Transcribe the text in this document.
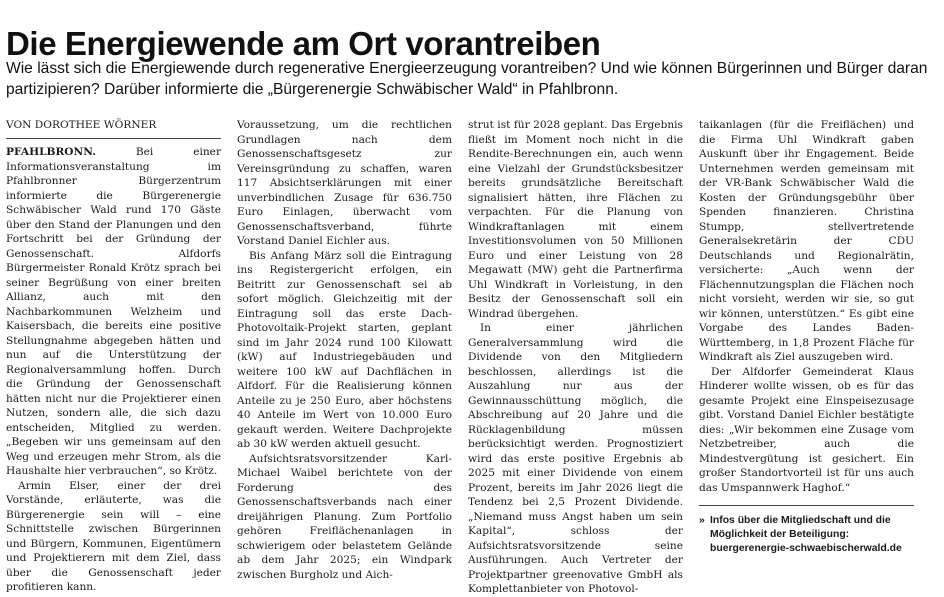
Die Energiewende am Ort vorantreiben
Wie lässt sich die Energiewende durch regenerative Energieerzeugung vorantreiben? Und wie können Bürgerinnen und Bürger daran partizipieren? Darüber informierte die „Bürgerenergie Schwäbischer Wald“ in Pfahlbronn.
VON DOROTHEE WÖRNER

PFAHLBRONN.	Bei einer Informationsveranstaltung im Pfahlbronner Bürgerzentrum informierte die Bürgerenergie Schwäbischer Wald rund 170 Gäste über den Stand der Planungen und den Fortschritt bei der Gründung der Genossenschaft. Alfdorfs Bürgermeister Ronald Krötz sprach bei seiner Begrüßung von einer breiten Allianz, auch mit den Nachbarkommunen Welzheim und Kaisersbach, die bereits eine positive Stellungnahme abgegeben hätten und nun auf die Unterstützung der Regionalversammlung hoffen. Durch die Gründung der Genossenschaft hätten nicht nur die Projektierer einen Nutzen, sondern alle, die sich dazu entscheiden, Mitglied zu werden. „Begeben wir uns gemeinsam auf den Weg und erzeugen mehr Strom, als die Haushalte hier verbrauchen“, so Krötz.

Armin Elser, einer der drei Vorstände, erläuterte, was die Bürgerenergie sein will – eine Schnittstelle zwischen Bürgerinnen und Bürgern, Kommunen, Eigentümern und Projektierern mit dem Ziel, dass über die Genossenschaft jeder profitieren kann.

Voraussetzung, um die rechtlichen Grundlagen nach dem Genossenschaftsgesetz zur Vereinsgründung zu schaffen, waren 117 Absichtserklärungen mit einer unverbindlichen Zusage für 636.750 Euro Einlagen, überwacht vom Genossenschaftsverband, führte Vorstand Daniel Eichler aus.

Bis Anfang März soll die Eintragung ins Registergericht erfolgen, ein Beitritt zur Genossenschaft sei ab sofort möglich. Gleichzeitig mit der Eintragung soll das erste Dach-Photovoltaik-Projekt starten, geplant sind im Jahr 2024 rund 100 Kilowatt (kW) auf Industriegebäuden und weitere 100 kW auf Dachflächen in Alfdorf. Für die Realisierung können Anteile zu je 250 Euro, aber höchstens 40 Anteile im Wert von 10.000 Euro gekauft werden. Weitere Dachprojekte ab 30 kW werden aktuell gesucht.

Aufsichtsratsvorsitzender Karl-Michael Waibel berichtete von der Forderung des Genossenschaftsverbands nach einer dreijährigen Planung. Zum Portfolio gehören Freiflächenanlagen in schwierigem oder belastetem Gelände ab dem Jahr 2025; ein Windpark zwischen Burgholz und Aich-

strut ist für 2028 geplant. Das Ergebnis fließt im Moment noch nicht in die Rendite-Berechnungen ein, auch wenn eine Vielzahl der Grundstücksbesitzer bereits grundsätzliche Bereitschaft signalisiert hätten, ihre Flächen zu verpachten. Für die Planung von Windkraftanlagen mit einem Investitionsvolumen von 50 Millionen Euro und einer Leistung von 28 Megawatt (MW) geht die Partnerfirma Uhl Windkraft in Vorleistung, in den Besitz der Genossenschaft soll ein Windrad übergehen.

In einer jährlichen Generalversammlung wird die Dividende von den Mitgliedern beschlossen, allerdings ist die Auszahlung nur aus der Gewinnausschüttung möglich, die Abschreibung auf 20 Jahre und die Rücklagenbildung müssen berücksichtigt werden. Prognostiziert wird das erste positive Ergebnis ab 2025 mit einer Dividende von einem Prozent, bereits im Jahr 2026 liegt die Tendenz bei 2,5 Prozent Dividende. „Niemand muss Angst haben um sein Kapital“, schloss der Aufsichtsratsvorsitzende seine Ausführungen. Auch Vertreter der Projektpartner greenovative GmbH als Komplettanbieter von Photovol-

taikanlagen (für die Freiflächen) und die Firma Uhl Windkraft gaben Auskunft über ihr Engagement. Beide Unternehmen werden gemeinsam mit der VR-Bank Schwäbischer Wald die Kosten der Gründungsgebühr über Spenden finanzieren. Christina Stumpp, stellvertretende Generalsekretärin der CDU Deutschlands und Regionalrätin, versicherte: „Auch wenn der Flächennutzungsplan die Flächen noch nicht vorsieht, werden wir sie, so gut wir können, unterstützen.“ Es gibt eine Vorgabe des Landes Baden-Württemberg, in 1,8 Prozent Fläche für Windkraft als Ziel auszugeben wird.

Der Alfdorfer Gemeinderat Klaus Hinderer wollte wissen, ob es für das gesamte Projekt eine Einspeisezusage gibt. Vorstand Daniel Eichler bestätigte dies: „Wir bekommen eine Zusage vom Netzbetreiber, auch die Mindestvergütung ist gesichert. Ein großer Standortvorteil ist für uns auch das Umspannwerk Haghof.“

» Infos über die Mitgliedschaft und die Möglichkeit der Beteiligung: buergerenergie-schwaebischerwald.de
